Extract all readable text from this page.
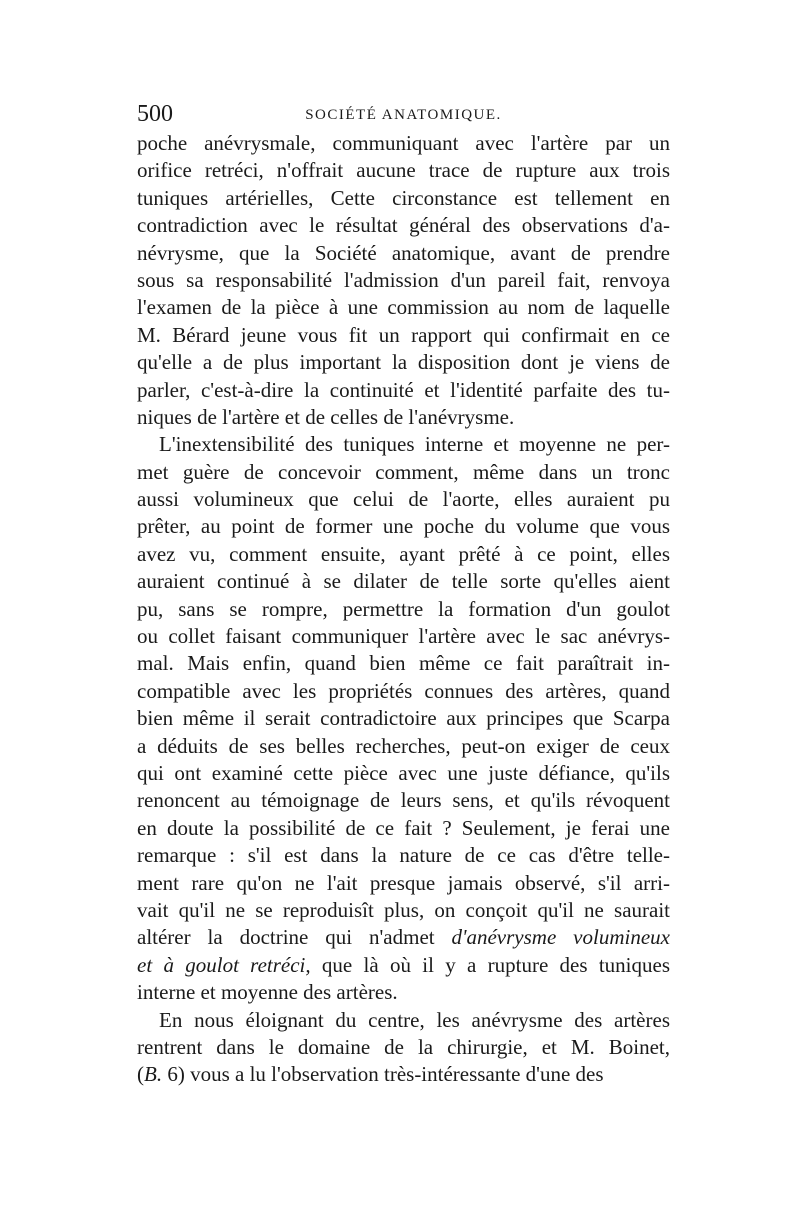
500	SOCIÉTÉ ANATOMIQUE.
poche anévrysmale, communiquant avec l'artère par un
orifice retréci, n'offrait aucune trace de rupture aux trois
tuniques artérielles, Cette circonstance est tellement en
contradiction avec le résultat général des observations d'a-
névrysme, que la Société anatomique, avant de prendre
sous sa responsabilité l'admission d'un pareil fait, renvoya
l'examen de la pièce à une commission au nom de laquelle
M. Bérard jeune vous fit un rapport qui confirmait en ce
qu'elle a de plus important la disposition dont je viens de
parler, c'est-à-dire la continuité et l'identité parfaite des tu-
niques de l'artère et de celles de l'anévrysme.
L'inextensibilité des tuniques interne et moyenne ne per-
met guère de concevoir comment, même dans un tronc
aussi volumineux que celui de l'aorte, elles auraient pu
prêter, au point de former une poche du volume que vous
avez vu, comment ensuite, ayant prêté à ce point, elles
auraient continué à se dilater de telle sorte qu'elles aient
pu, sans se rompre, permettre la formation d'un goulot
ou collet faisant communiquer l'artère avec le sac anévrys-
mal. Mais enfin, quand bien même ce fait paraîtrait in-
compatible avec les propriétés connues des artères, quand
bien même il serait contradictoire aux principes que Scarpa
a déduits de ses belles recherches, peut-on exiger de ceux
qui ont examiné cette pièce avec une juste défiance, qu'ils
renoncent au témoignage de leurs sens, et qu'ils révoquent
en doute la possibilité de ce fait ? Seulement, je ferai une
remarque : s'il est dans la nature de ce cas d'être telle-
ment rare qu'on ne l'ait presque jamais observé, s'il arri-
vait qu'il ne se reproduisît plus, on conçoit qu'il ne saurait
altérer la doctrine qui n'admet d'anévrysme volumineux
et à goulot retréci, que là où il y a rupture des tuniques
interne et moyenne des artères.
En nous éloignant du centre, les anévrysme des artères
rentrent dans le domaine de la chirurgie, et M. Boinet,
(B. 6) vous a lu l'observation très-intéressante d'une des
